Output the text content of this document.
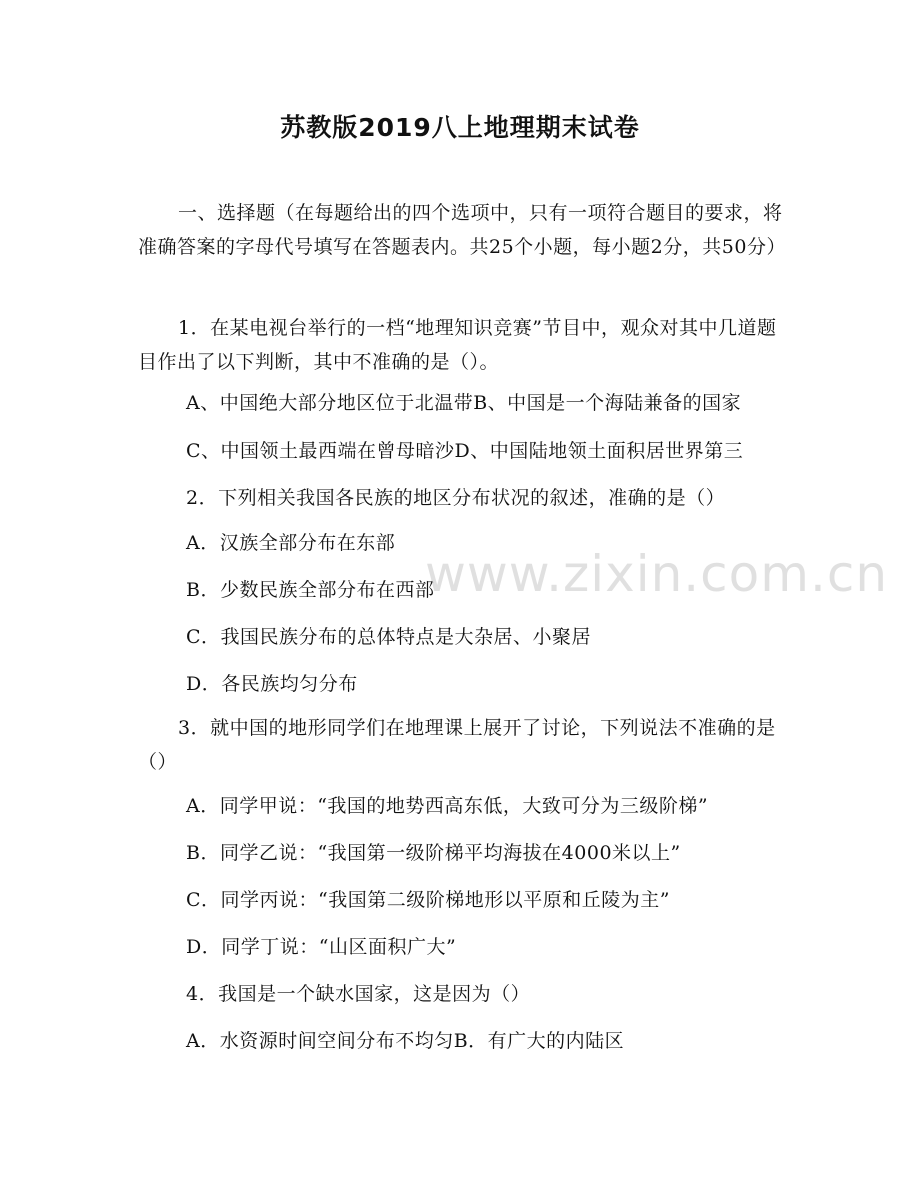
苏教版2019八上地理期末试卷

一、选择题（在每题给出的四个选项中，只有一项符合题目的要求，将准确答案的字母代号填写在答题表内。共25个小题，每小题2分，共50分）

1．在某电视台举行的一档“地理知识竞赛”节目中，观众对其中几道题目作出了以下判断，其中不准确的是（）。

A、中国绝大部分地区位于北温带B、中国是一个海陆兼备的国家

C、中国领土最西端在曾母暗沙D、中国陆地领土面积居世界第三

2．下列相关我国各民族的地区分布状况的叙述，准确的是（）

A．汉族全部分布在东部

B．少数民族全部分布在西部

C．我国民族分布的总体特点是大杂居、小聚居

D．各民族均匀分布

3．就中国的地形同学们在地理课上展开了讨论，下列说法不准确的是（）

A．同学甲说：“我国的地势西高东低，大致可分为三级阶梯”

B．同学乙说：“我国第一级阶梯平均海拔在4000米以上”

C．同学丙说：“我国第二级阶梯地形以平原和丘陵为主”

D．同学丁说：“山区面积广大”

4．我国是一个缺水国家，这是因为（）

A．水资源时间空间分布不均匀B．有广大的内陆区

www.zixin.com.cn
